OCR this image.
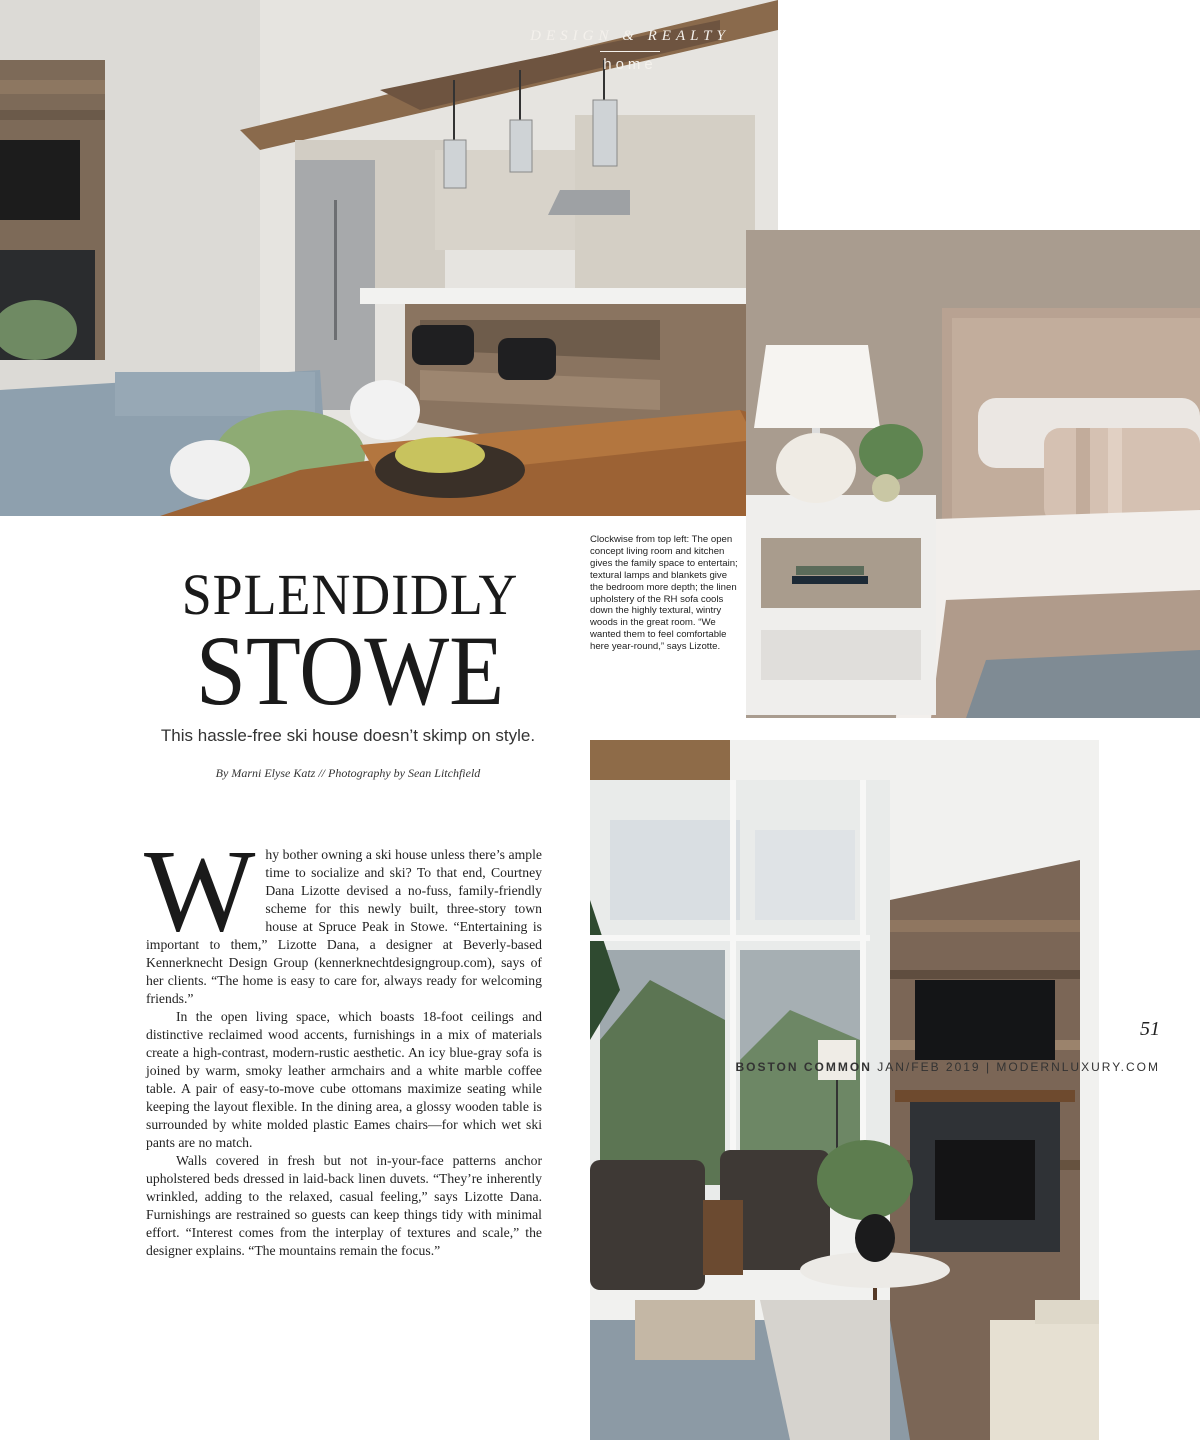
DESIGN & REALTY
home
Clockwise from top left: The open concept living room and kitchen gives the family space to entertain; textural lamps and blankets give the bedroom more depth; the linen upholstery of the RH sofa cools down the highly textural, wintry woods in the great room. “We wanted them to feel comfortable here year-round,” says Lizotte.
SPLENDIDLY
STOWE
This hassle-free ski house doesn’t skimp on style.
By Marni Elyse Katz // Photography by Sean Litchfield

Why bother owning a ski house unless there’s ample time to socialize and ski? To that end, Courtney Dana Lizotte devised a no-fuss, family-friendly scheme for this newly built, three-story town house at Spruce Peak in Stowe. “Entertaining is important to them,” Lizotte Dana, a designer at Beverly-based Kennerknecht Design Group (kennerknechtdesigngroup.com), says of her clients. “The home is easy to care for, always ready for welcoming friends.”

In the open living space, which boasts 18-foot ceilings and distinctive reclaimed wood accents, furnishings in a mix of materials create a high-contrast, modern-rustic aesthetic. An icy blue-gray sofa is joined by warm, smoky leather armchairs and a white marble coffee table. A pair of easy-to-move cube ottomans maximize seating while keeping the layout flexible. In the dining area, a glossy wooden table is surrounded by white molded plastic Eames chairs—for which wet ski pants are no match.

Walls covered in fresh but not in-your-face patterns anchor upholstered beds dressed in laid-back linen duvets. “They’re inherently wrinkled, adding to the relaxed, casual feeling,” says Lizotte Dana. Furnishings are restrained so guests can keep things tidy with minimal effort. “Interest comes from the interplay of textures and scale,” the designer explains. “The mountains remain the focus.”

51
BOSTON COMMON JAN/FEB 2019 | MODERNLUXURY.COM
